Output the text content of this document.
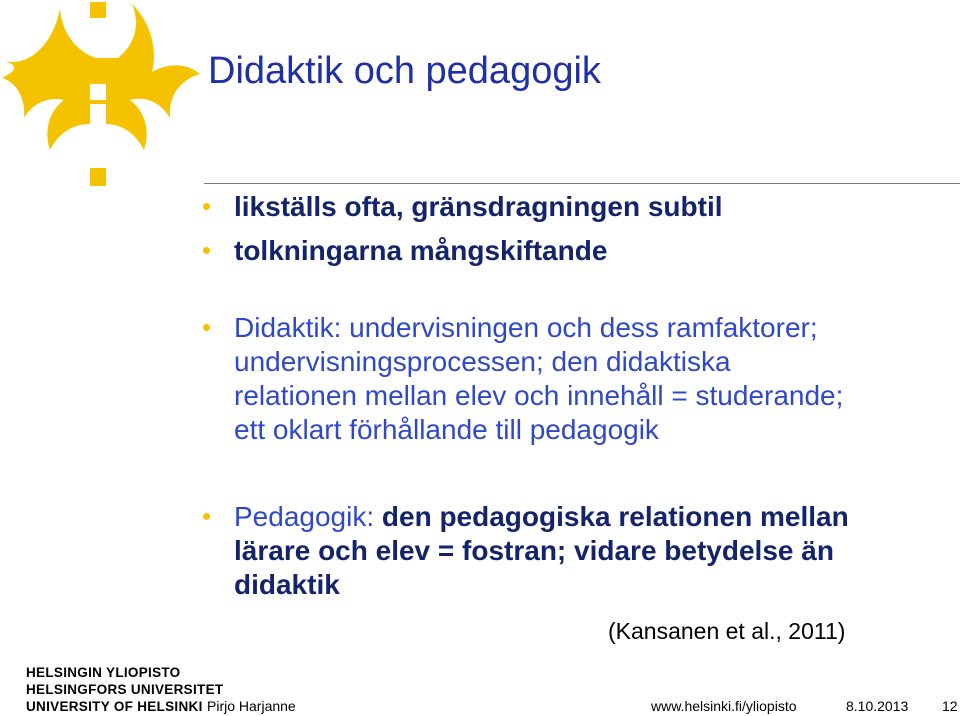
Didaktik och pedagogik
likställs ofta, gränsdragningen subtil
tolkningarna mångskiftande
Didaktik: undervisningen och dess ramfaktorer;
undervisningsprocessen; den didaktiska
relationen mellan elev och innehåll = studerande;
ett oklart förhållande till pedagogik
Pedagogik: den pedagogiska relationen mellan
lärare och elev = fostran; vidare betydelse än
didaktik
(Kansanen et al., 2011)
HELSINGIN YLIOPISTO
HELSINGFORS UNIVERSITET
UNIVERSITY OF HELSINKI Pirjo Harjanne	www.helsinki.fi/yliopisto	8.10.2013 12
